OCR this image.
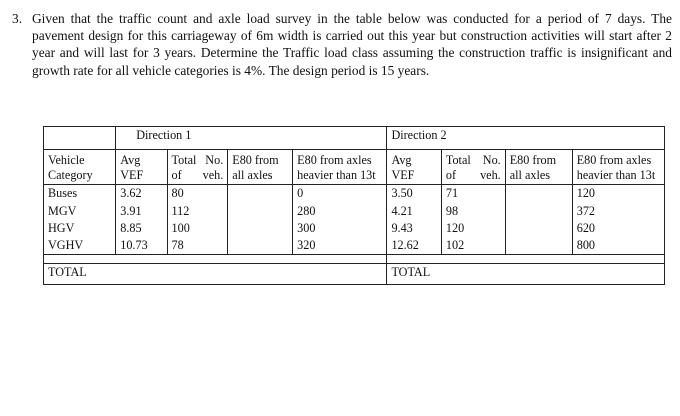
3. Given that the traffic count and axle load survey in the table below was conducted for a period of 7 days. The pavement design for this carriageway of 6m width is carried out this year but construction activities will start after 2 year and will last for 3 years. Determine the Traffic load class assuming the construction traffic is insignificant and growth rate for all vehicle categories is 4%. The design period is 15 years.
	Direction 1				Direction 2			
Vehicle Category	Avg VEF	Total No. of veh.	E80 from all axles	E80 from axles heavier than 13t	Avg VEF	Total No. of veh.	E80 from all axles	E80 from axles heavier than 13t
Buses	3.62	80		0	3.50	71		120
MGV	3.91	112		280	4.21	98		372
HGV	8.85	100		300	9.43	120		620
VGHV	10.73	78		320	12.62	102		800

TOTAL					TOTAL			
